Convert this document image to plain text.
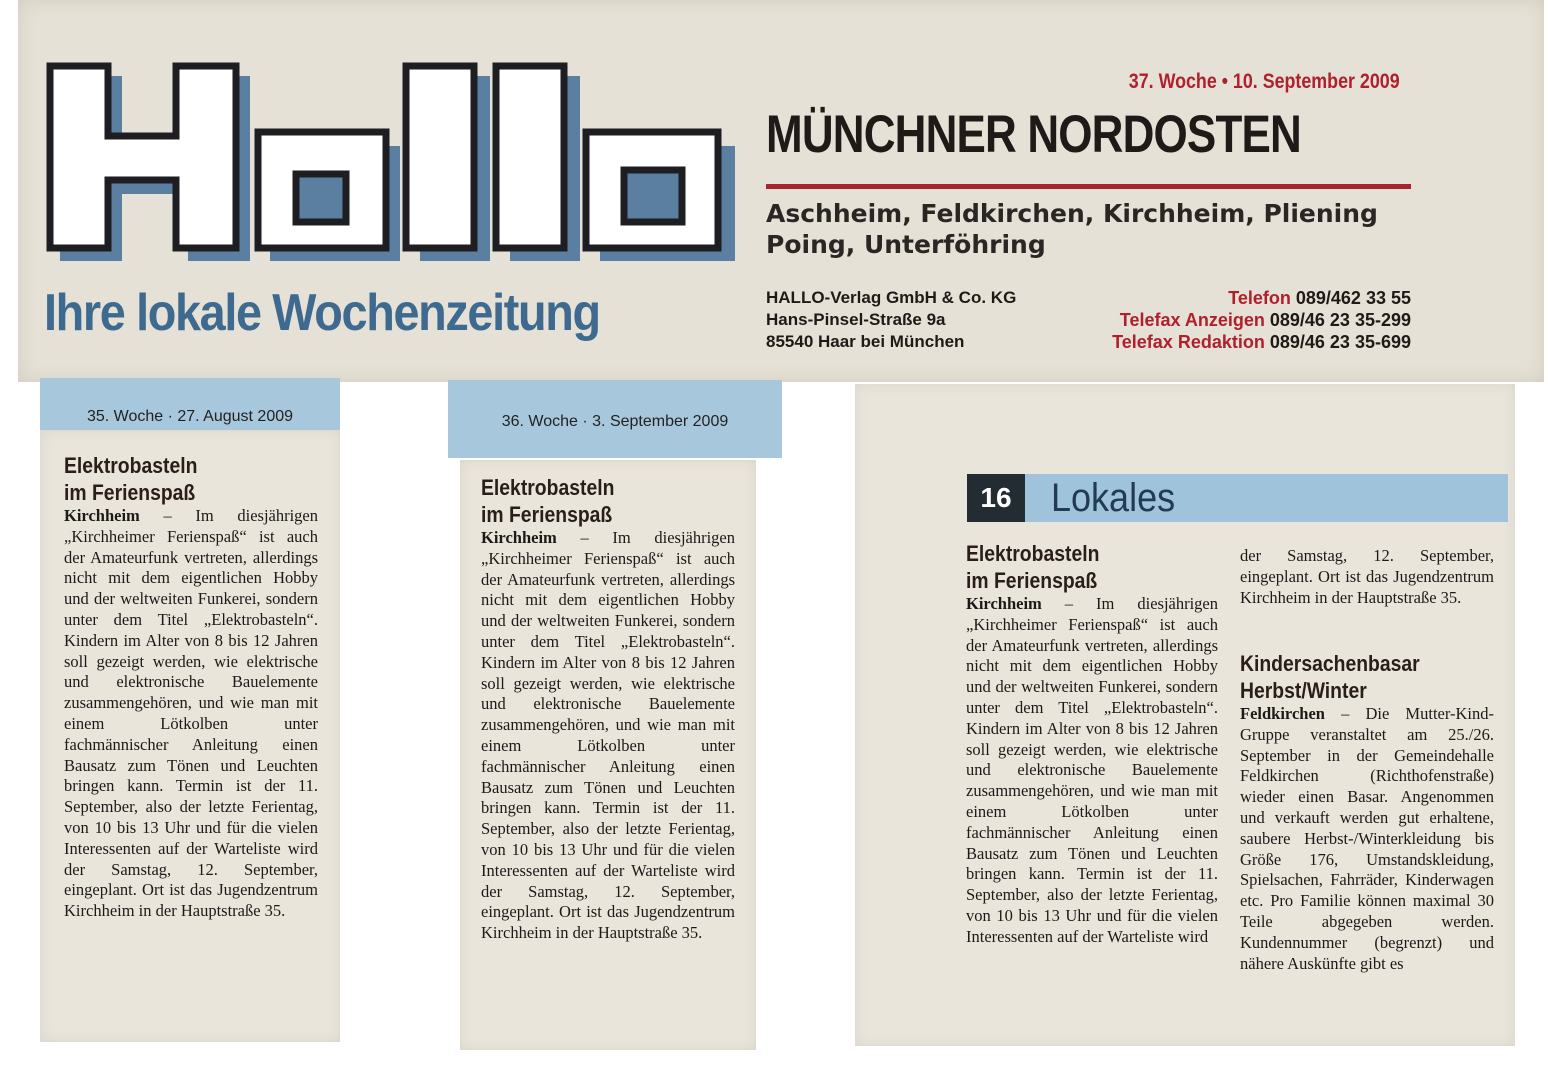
Ihre lokale Wochenzeitung
37. Woche • 10. September 2009
MÜNCHNER NORDOSTEN
Aschheim, Feldkirchen, Kirchheim, Pliening
Poing, Unterföhring
HALLO-Verlag GmbH & Co. KG
Hans-Pinsel-Straße 9a
85540 Haar bei München
Telefon 089/462 33 55
Telefax Anzeigen 089/46 23 35-299
Telefax Redaktion 089/46 23 35-699
35. Woche · 27. August 2009
Elektrobasteln
im Ferienspaß
Kirchheim – Im diesjährigen „Kirchheimer Ferienspaß“ ist auch der Amateurfunk vertreten, allerdings nicht mit dem eigentlichen Hobby und der weltweiten Funkerei, sondern unter dem Titel „Elektrobasteln“. Kindern im Alter von 8 bis 12 Jahren soll gezeigt werden, wie elektrische und elektronische Bauelemente zusammengehören, und wie man mit einem Lötkolben unter fachmännischer Anleitung einen Bausatz zum Tönen und Leuchten bringen kann. Termin ist der 11. September, also der letzte Ferientag, von 10 bis 13 Uhr und für die vielen Interessenten auf der Warteliste wird der Samstag, 12. September, eingeplant. Ort ist das Jugendzentrum Kirchheim in der Hauptstraße 35.
36. Woche · 3. September 2009
Elektrobasteln
im Ferienspaß
Kirchheim – Im diesjährigen „Kirchheimer Ferienspaß“ ist auch der Amateurfunk vertreten, allerdings nicht mit dem eigentlichen Hobby und der weltweiten Funkerei, sondern unter dem Titel „Elektrobasteln“. Kindern im Alter von 8 bis 12 Jahren soll gezeigt werden, wie elektrische und elektronische Bauelemente zusammengehören, und wie man mit einem Lötkolben unter fachmännischer Anleitung einen Bausatz zum Tönen und Leuchten bringen kann. Termin ist der 11. September, also der letzte Ferientag, von 10 bis 13 Uhr und für die vielen Interessenten auf der Warteliste wird der Samstag, 12. September, eingeplant. Ort ist das Jugendzentrum Kirchheim in der Hauptstraße 35.
16 Lokales
Elektrobasteln
im Ferienspaß
Kirchheim – Im diesjährigen „Kirchheimer Ferienspaß“ ist auch der Amateurfunk vertreten, allerdings nicht mit dem eigentlichen Hobby und der weltweiten Funkerei, sondern unter dem Titel „Elektrobasteln“. Kindern im Alter von 8 bis 12 Jahren soll gezeigt werden, wie elektrische und elektronische Bauelemente zusammengehören, und wie man mit einem Lötkolben unter fachmännischer Anleitung einen Bausatz zum Tönen und Leuchten bringen kann. Termin ist der 11. September, also der letzte Ferientag, von 10 bis 13 Uhr und für die vielen Interessenten auf der Warteliste wird
der Samstag, 12. September, eingeplant. Ort ist das Jugendzentrum Kirchheim in der Hauptstraße 35.
Kindersachenbasar
Herbst/Winter
Feldkirchen – Die Mutter-Kind-Gruppe veranstaltet am 25./26. September in der Gemeindehalle Feldkirchen (Richthofenstraße) wieder einen Basar. Angenommen und verkauft werden gut erhaltene, saubere Herbst-/Winterkleidung bis Größe 176, Umstandskleidung, Spielsachen, Fahrräder, Kinderwagen etc. Pro Familie können maximal 30 Teile abgegeben werden. Kundennummer (begrenzt) und nähere Auskünfte gibt es
